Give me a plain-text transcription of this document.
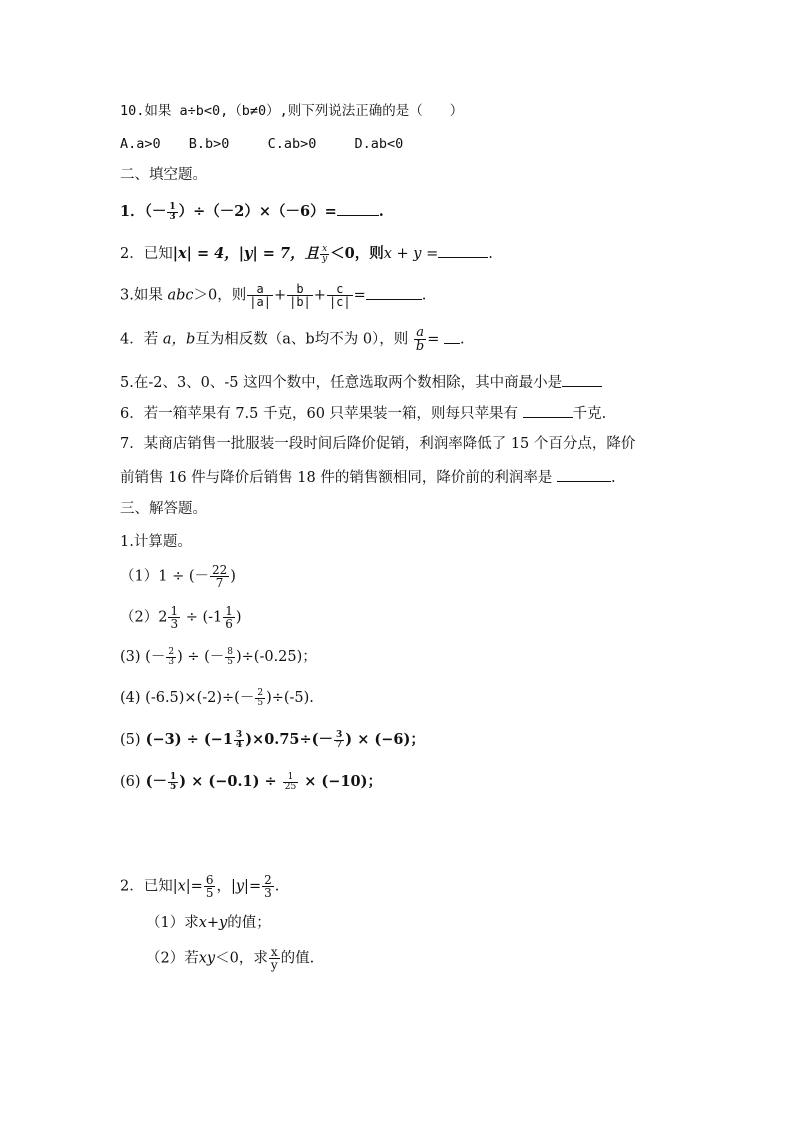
10.如果 a÷b<0,（b≠0）,则下列说法正确的是（　　）
A.a>0 B.b>0	C.ab>0	D.ab<0
二、填空题。
1．（－ $\frac{1}{3} )\div(-2)\times(-6)=$	.
2．已知|x| = 4，|y| = 7，且 $\frac{x}{y} <0$，则x + y =	.
3.如果 abc＞0，则 $\frac{a}{|a|} + \frac{b}{|b|} + \frac{c}{|c|}$ =	.
4．若 a，b互为相反数（a、b均不为 0），则 $\frac{a}{b}$ = .
5.在-2、3、0、-5 这四个数中，任意选取两个数相除，其中商最小是
6．若一箱苹果有 7.5 千克，60 只苹果装一箱，则每只苹果有	千克.
7．某商店销售一批服装一段时间后降价促销，利润率降低了 15 个百分点，降价
前销售 16 件与降价后销售 18 件的销售额相同，降价前的利润率是	.
三、解答题。
1.计算题。
（1）1 ÷ (－ $\frac{22}{7}$ )
$(2)2 \frac{1}{3} \div (-1 \frac{1}{6}$ )
(3) (－ $\frac{2}{3}$ ) ÷ (－ $\frac{8}{5} )\div(-0.25)$；
(4) $(-6.5)\times(-2)\div(- \frac{2}{5} )\div(-5)$.
(5) $(-3) \div (-1 \frac{3}{4} )\times 0.75\div(- \frac{3}{7}$ ) × (−6)；
(6) (－ $\frac{1}{5}$ ) × $(-0.1) \div \frac{1}{25} \times (-10)$；
2．已知$|x|= \frac{6}{5}$ ，$|y|= \frac{2}{3}$ .
（1）求x+y的值；
（2）若xy＜0，求 $\frac{x}{y}$ 的值.
